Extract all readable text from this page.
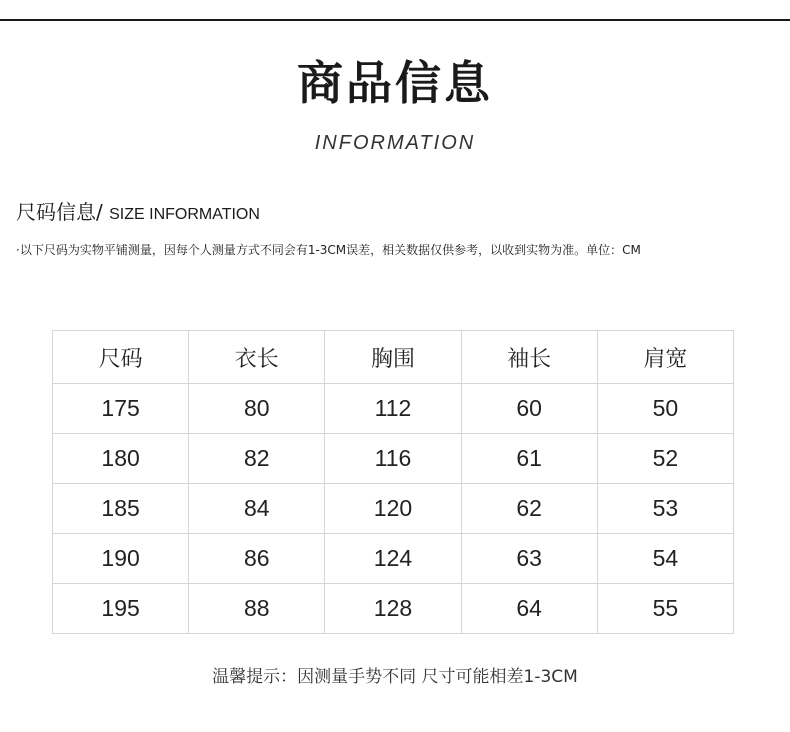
商品信息
INFORMATION
尺码信息/ SIZE INFORMATION
·以下尺码为实物平铺测量，因每个人测量方式不同会有1-3CM误差，相关数据仅供参考，以收到实物为准。单位：CM
尺码	衣长	胸围	袖长	肩宽
175	80	112	60	50
180	82	116	61	52
185	84	120	62	53
190	86	124	63	54
195	88	128	64	55
温馨提示：因测量手势不同 尺寸可能相差1-3CM
